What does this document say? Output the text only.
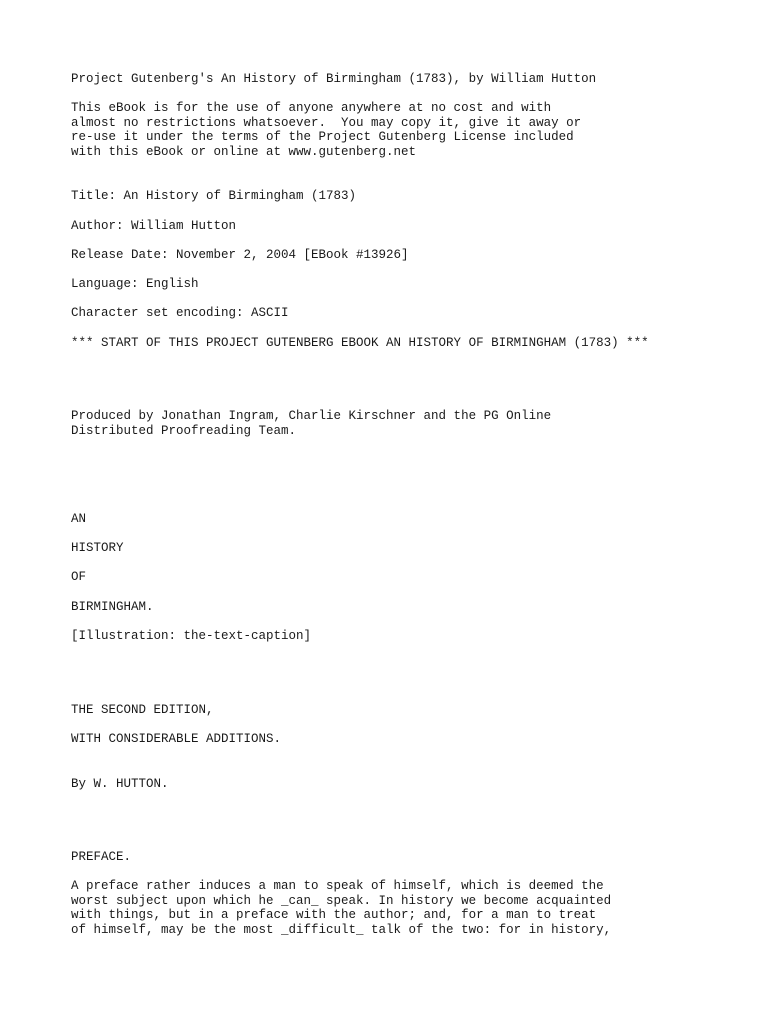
Project Gutenberg's An History of Birmingham (1783), by William Hutton
This eBook is for the use of anyone anywhere at no cost and with
almost no restrictions whatsoever.  You may copy it, give it away or
re-use it under the terms of the Project Gutenberg License included
with this eBook or online at www.gutenberg.net
Title: An History of Birmingham (1783)
Author: William Hutton
Release Date: November 2, 2004 [EBook #13926]
Language: English
Character set encoding: ASCII
*** START OF THIS PROJECT GUTENBERG EBOOK AN HISTORY OF BIRMINGHAM (1783) ***
Produced by Jonathan Ingram, Charlie Kirschner and the PG Online
Distributed Proofreading Team.
AN
HISTORY
OF
BIRMINGHAM.
[Illustration: the-text-caption]
THE SECOND EDITION,
WITH CONSIDERABLE ADDITIONS.
By W. HUTTON.
PREFACE.
A preface rather induces a man to speak of himself, which is deemed the
worst subject upon which he _can_ speak. In history we become acquainted
with things, but in a preface with the author; and, for a man to treat
of himself, may be the most _difficult_ talk of the two: for in history,
